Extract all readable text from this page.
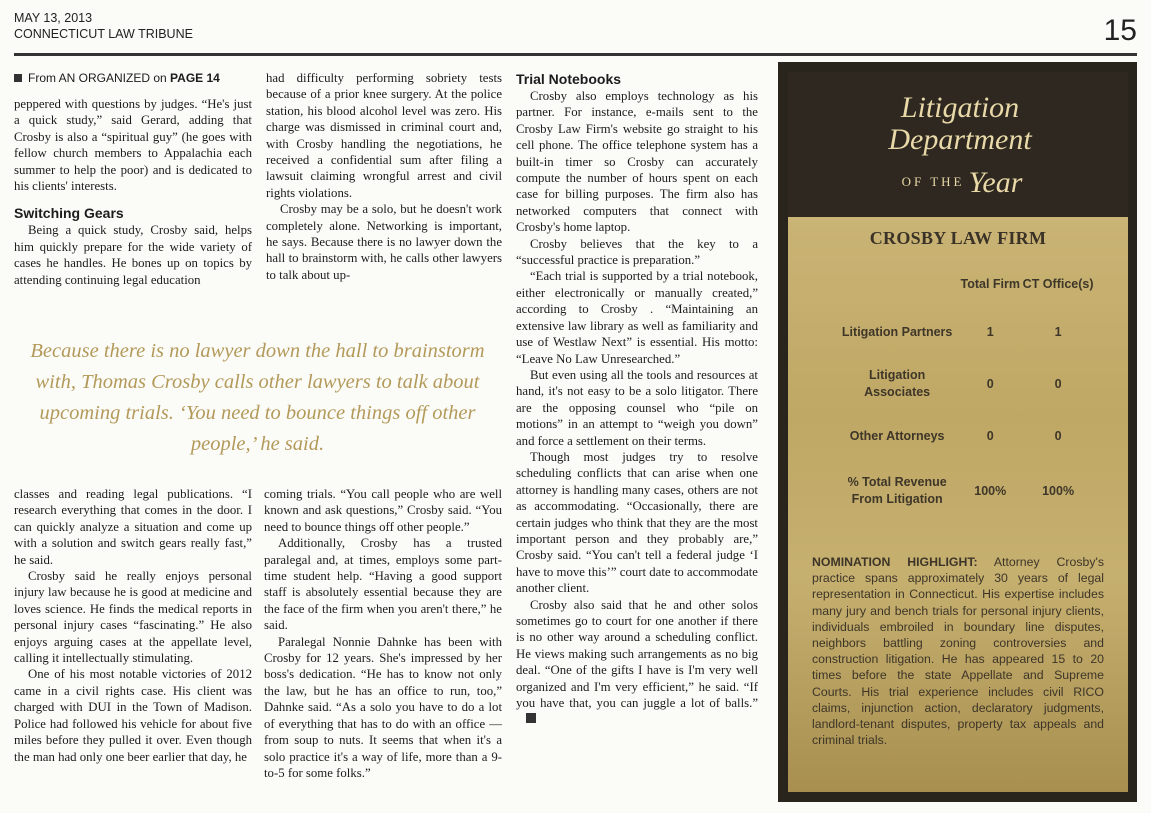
MAY 13, 2013
CONNECTICUT LAW TRIBUNE	15
From AN ORGANIZED on PAGE 14

peppered with questions by judges. “He's just a quick study,” said Gerard, adding that Crosby is also a “spiritual guy” (he goes with fellow church members to Appalachia each summer to help the poor) and is dedicated to his clients' interests.

Switching Gears

Being a quick study, Crosby said, helps him quickly prepare for the wide variety of cases he handles. He bones up on topics by attending continuing legal education

had difficulty performing sobriety tests because of a prior knee surgery. At the police station, his blood alcohol level was zero. His charge was dismissed in criminal court and, with Crosby handling the negotiations, he received a confidential sum after filing a lawsuit claiming wrongful arrest and civil rights violations.

Crosby may be a solo, but he doesn't work completely alone. Networking is important, he says. Because there is no lawyer down the hall to brainstorm with, he calls other lawyers to talk about up-

Because there is no lawyer down the hall to brainstorm with, Thomas Crosby calls other lawyers to talk about upcoming trials. ‘You need to bounce things off other people,’ he said.

classes and reading legal publications. “I research everything that comes in the door. I can quickly analyze a situation and come up with a solution and switch gears really fast,” he said.

Crosby said he really enjoys personal injury law because he is good at medicine and loves science. He finds the medical reports in personal injury cases “fascinating.” He also enjoys arguing cases at the appellate level, calling it intellectually stimulating.

One of his most notable victories of 2012 came in a civil rights case. His client was charged with DUI in the Town of Madison. Police had followed his vehicle for about five miles before they pulled it over. Even though the man had only one beer earlier that day, he

coming trials. “You call people who are well known and ask questions,” Crosby said. “You need to bounce things off other people.”

Additionally, Crosby has a trusted paralegal and, at times, employs some part-time student help. “Having a good support staff is absolutely essential because they are the face of the firm when you aren't there,” he said.

Paralegal Nonnie Dahnke has been with Crosby for 12 years. She's impressed by her boss's dedication. “He has to know not only the law, but he has an office to run, too,” Dahnke said. “As a solo you have to do a lot of everything that has to do with an office — from soup to nuts. It seems that when it's a solo practice it's a way of life, more than a 9-to-5 for some folks.”

Trial Notebooks

Crosby also employs technology as his partner. For instance, e-mails sent to the Crosby Law Firm's website go straight to his cell phone. The office telephone system has a built-in timer so Crosby can accurately compute the number of hours spent on each case for billing purposes. The firm also has networked computers that connect with Crosby's home laptop.

Crosby believes that the key to a “successful practice is preparation.”

“Each trial is supported by a trial notebook, either electronically or manually created,” according to Crosby . “Maintaining an extensive law library as well as familiarity and use of Westlaw Next” is essential. His motto: “Leave No Law Unresearched.”

But even using all the tools and resources at hand, it's not easy to be a solo litigator. There are the opposing counsel who “pile on motions” in an attempt to “weigh you down” and force a settlement on their terms.

Though most judges try to resolve scheduling conflicts that can arise when one attorney is handling many cases, others are not as accommodating. “Occasionally, there are certain judges who think that they are the most important person and they probably are,” Crosby said. “You can't tell a federal judge ‘I have to move this’” court date to accommodate another client.

Crosby also said that he and other solos sometimes go to court for one another if there is no other way around a scheduling conflict. He views making such arrangements as no big deal. “One of the gifts I have is I'm very well organized and I'm very efficient,” he said. “If you have that, you can juggle a lot of balls.”

Litigation
Department
$^{OF THE}$ Year
CROSBY LAW FIRM
	Total Firm	CT Office(s)
Litigation Partners	1	1
Litigation Associates	0	0
Other Attorneys	0	0
% Total Revenue From Litigation	100%	100%
NOMINATION HIGHLIGHT: Attorney Crosby's practice spans approximately 30 years of legal representation in Connecticut. His expertise includes many jury and bench trials for personal injury clients, individuals embroiled in boundary line disputes, neighbors battling zoning controversies and construction litigation. He has appeared 15 to 20 times before the state Appellate and Supreme Courts. His trial experience includes civil RICO claims, injunction action, declaratory judgments, landlord-tenant disputes, property tax appeals and criminal trials.
